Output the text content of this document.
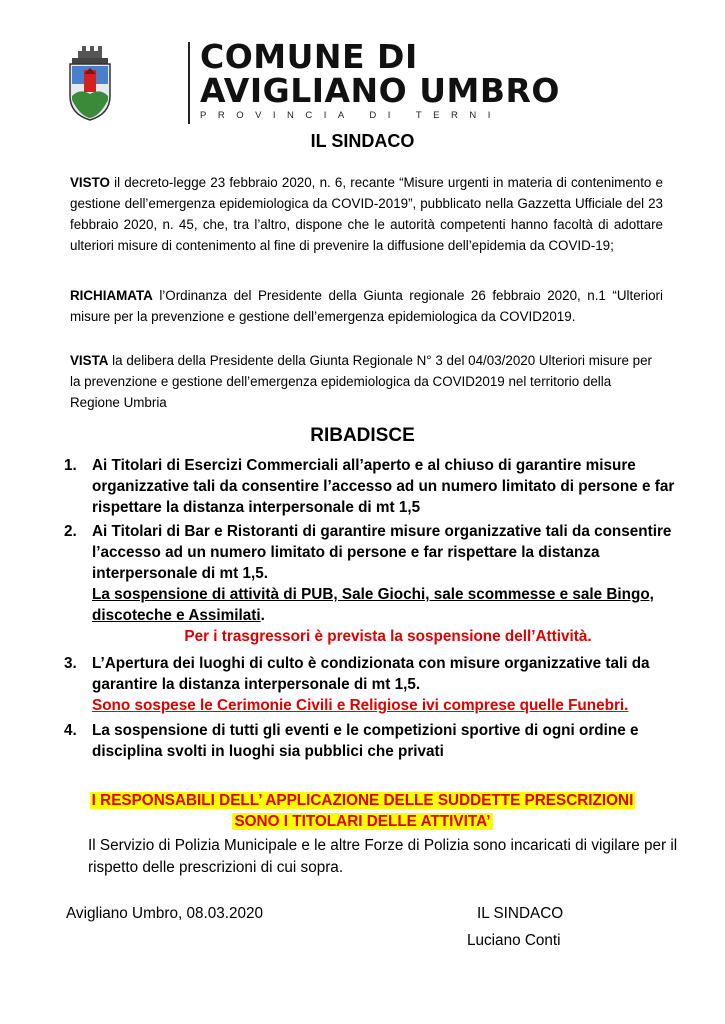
COMUNE DI
AVIGLIANO UMBRO
PROVINCIA DI TERNI
IL SINDACO
VISTO il decreto-legge 23 febbraio 2020, n. 6, recante “Misure urgenti in materia di contenimento e gestione dell’emergenza epidemiologica da COVID-2019”, pubblicato nella Gazzetta Ufficiale del 23 febbraio 2020, n. 45, che, tra l’altro, dispone che le autorità competenti hanno facoltà di adottare ulteriori misure di contenimento al fine di prevenire la diffusione dell’epidemia da COVID-19;
RICHIAMATA l’Ordinanza del Presidente della Giunta regionale 26 febbraio 2020, n.1 “Ulteriori misure per la prevenzione e gestione dell’emergenza epidemiologica da COVID2019.
VISTA la delibera della Presidente della Giunta Regionale N° 3 del 04/03/2020 Ulteriori misure per la prevenzione e gestione dell’emergenza epidemiologica da COVID2019 nel territorio della Regione Umbria
RIBADISCE
1. Ai Titolari di Esercizi Commerciali all’aperto e al chiuso di garantire misure organizzative tali da consentire l’accesso ad un numero limitato di persone e far rispettare la distanza interpersonale di mt 1,5
2. Ai Titolari di Bar e Ristoranti di garantire misure organizzative tali da consentire l’accesso ad un numero limitato di persone e far rispettare la distanza interpersonale di mt 1,5.
La sospensione di attività di PUB, Sale Giochi, sale scommesse e sale Bingo, discoteche e Assimilati.

Per i trasgressori è prevista la sospensione dell’Attività.
3. L’Apertura dei luoghi di culto è condizionata con misure organizzative tali da garantire la distanza interpersonale di mt 1,5.
Sono sospese le Cerimonie Civili e Religiose ivi comprese quelle Funebri.
4. La sospensione di tutti gli eventi e le competizioni sportive di ogni ordine e disciplina svolti in luoghi sia pubblici che privati
I RESPONSABILI DELL’ APPLICAZIONE DELLE SUDDETTE PRESCRIZIONI
SONO I TITOLARI DELLE ATTIVITA’
Il Servizio di Polizia Municipale e le altre Forze di Polizia sono incaricati di vigilare per il rispetto delle prescrizioni di cui sopra.
Avigliano Umbro, 08.03.2020	IL SINDACO
Luciano Conti
